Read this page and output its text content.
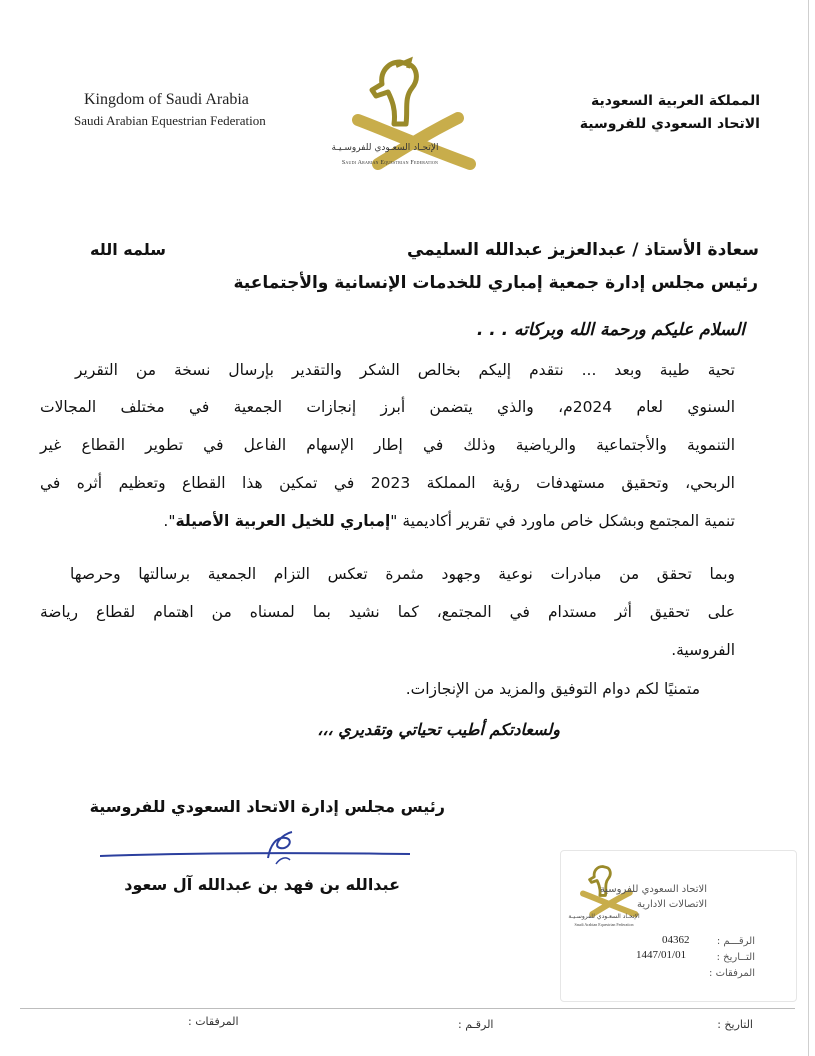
Kingdom of Saudi Arabia
Saudi Arabian Equestrian Federation
المملكة العربية السعودية
الاتحاد السعودي للفروسية
الإتحـاد السعـودي للفروسـيـة
Saudi Arabian Equestrian Federation
سعادة الأستاذ / عبدالعزيز عبدالله السليمي
سلمه الله
رئيس مجلس إدارة جمعية إمباري للخدمات الإنسانية والأجتماعية
السلام عليكم ورحمة الله وبركاته . . .
تحية طيبة وبعد ... نتقدم إليكم بخالص الشكر والتقدير بإرسال نسخة من التقرير
السنوي لعام 2024م، والذي يتضمن أبرز إنجازات الجمعية في مختلف المجالات
التنموية والأجتماعية والرياضية وذلك في إطار الإسهام الفاعل في تطوير القطاع غير
الربحي، وتحقيق مستهدفات رؤية المملكة 2023 في تمكين هذا القطاع وتعظيم أثره في
تنمية المجتمع وبشكل خاص ماورد في تقرير أكاديمية "إمباري للخيل العربية الأصيلة".
وبما تحقق من مبادرات نوعية وجهود مثمرة تعكس التزام الجمعية برسالتها وحرصها
على تحقيق أثر مستدام في المجتمع، كما نشيد بما لمسناه من اهتمام لقطاع رياضة
الفروسية.
متمنيًا لكم دوام التوفيق والمزيد من الإنجازات.
ولسعادتكم أطيب تحياتي وتقديري ،،،
رئيس مجلس إدارة الاتحاد السعودي للفروسية
عبدالله بن فهد بن عبدالله آل سعود
الإتحـاد السعـودي للفروسـيـة
Saudi Arabian Equestrian Federation
الاتحاد السعودي للفروسية
الاتصالات الادارية
الرقـــم :
04362
التــاريخ :
1447/01/01
المرفقات :
التاريخ :
الرقـم :
المرفقات :
